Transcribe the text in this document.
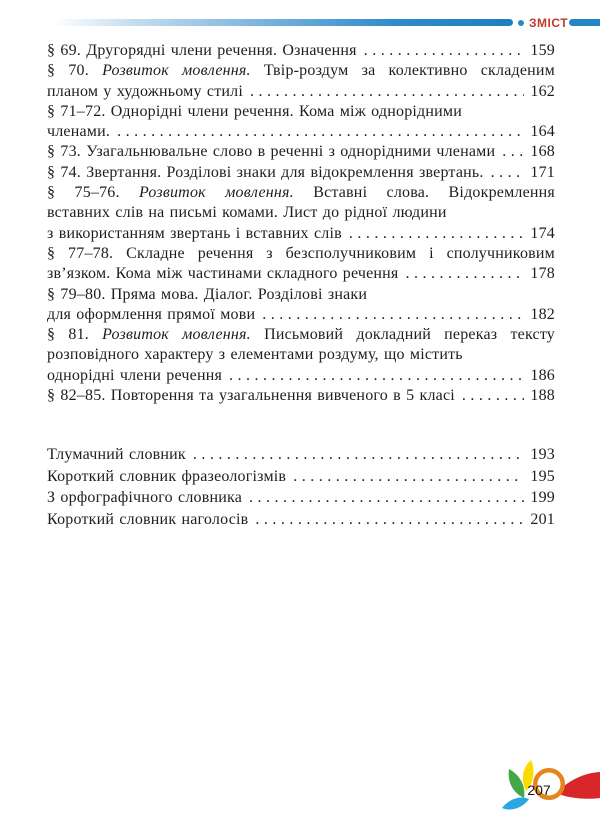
ЗМІСТ
§ 69. Другорядні члени речення. Означення .....	159
§ 70. Розвиток мовлення. Твір-роздум за колективно складеним
планом у художньому стилі .....	162
§ 71–72. Однорідні члени речення. Кома між однорідними
членами. .....	164
§ 73. Узагальнювальне слово в реченні з однорідними членами ..... 168
§ 74. Звертання. Розділові знаки для відокремлення звертань. .....	171
§ 75–76. Розвиток мовлення. Вставні слова. Відокремлення
вставних слів на письмі комами. Лист до рідної людини
з використанням звертань і вставних слів .....	174
§ 77–78. Складне речення з безсполучниковим і сполучниковим
зв’язком. Кома між частинами складного речення .....	178
§ 79–80. Пряма мова. Діалог. Розділові знаки
для оформлення прямої мови .....	182
§ 81. Розвиток мовлення. Письмовий докладний переказ тексту
розповідного характеру з елементами роздуму, що містить
однорідні члени речення .....	186
§ 82–85. Повторення та узагальнення вивченого в 5 класі .....	188
Тлумачний словник .....	193
Короткий словник фразеологізмів .....	195
З орфографічного словника .....	199
Короткий словник наголосів .....	201
207
